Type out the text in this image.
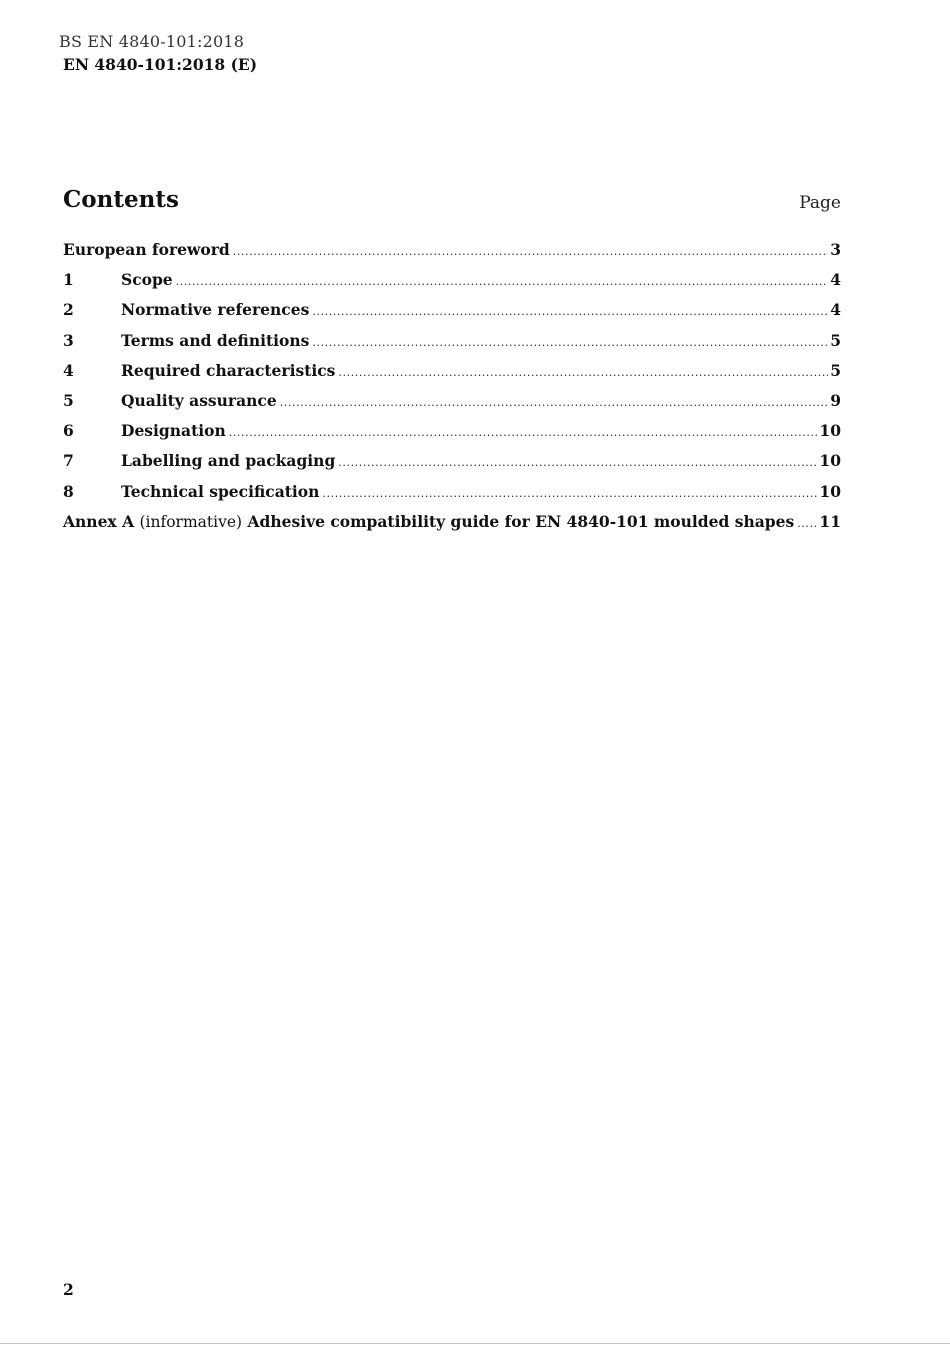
BS EN 4840-101:2018
EN 4840-101:2018 (E)
Contents	Page
European foreword .....	3
1	Scope .....	4
2	Normative references .....	4
3	Terms and definitions .....	5
4	Required characteristics .....	5
5	Quality assurance .....	9
6	Designation .....	10
7	Labelling and packaging .....	10
8	Technical specification .....	10
Annex A (informative) Adhesive compatibility guide for EN 4840-101 moulded shapes ..... 11
2
